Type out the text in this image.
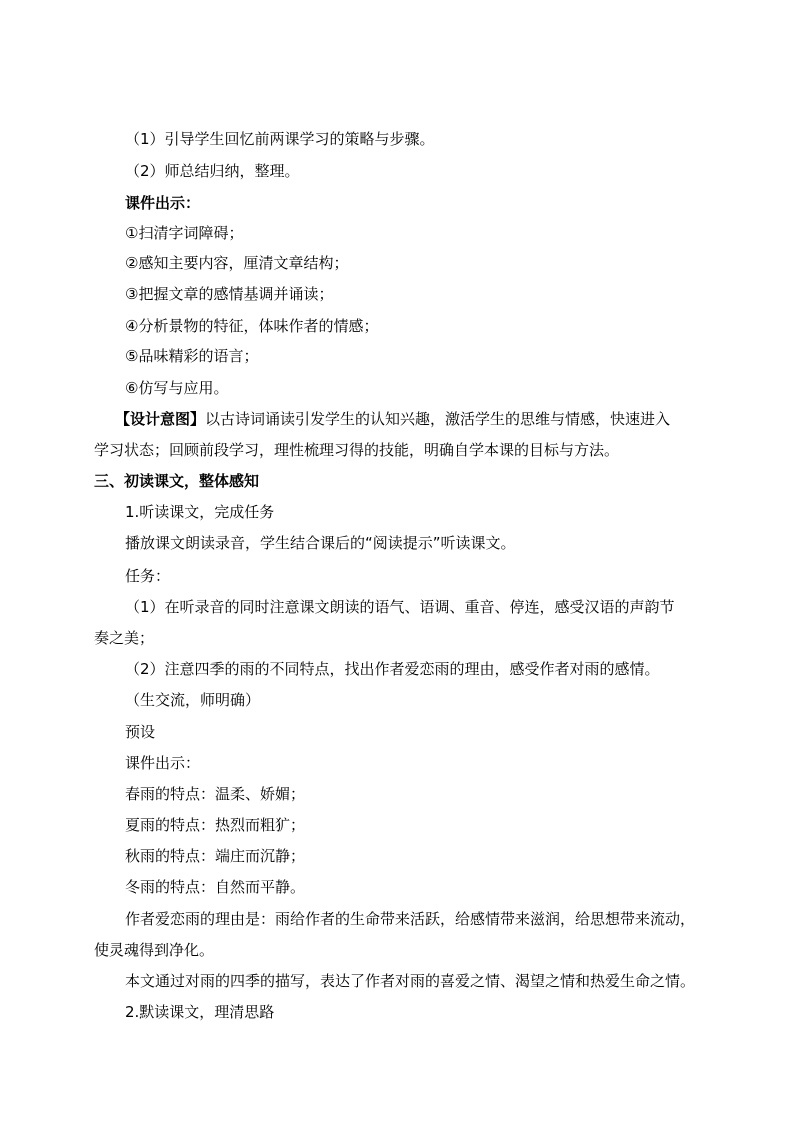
（1）引导学生回忆前两课学习的策略与步骤。
（2）师总结归纳，整理。
课件出示：
①扫清字词障碍；
②感知主要内容，厘清文章结构；
③把握文章的感情基调并诵读；
④分析景物的特征，体味作者的情感；
⑤品味精彩的语言；
⑥仿写与应用。
【设计意图】以古诗词诵读引发学生的认知兴趣，激活学生的思维与情感，快速进入
学习状态；回顾前段学习，理性梳理习得的技能，明确自学本课的目标与方法。
三、初读课文，整体感知
1.听读课文，完成任务
播放课文朗读录音，学生结合课后的“阅读提示”听读课文。
任务：
（1）在听录音的同时注意课文朗读的语气、语调、重音、停连，感受汉语的声韵节
奏之美；
（2）注意四季的雨的不同特点，找出作者爱恋雨的理由，感受作者对雨的感情。
（生交流，师明确）
预设
课件出示：
春雨的特点：温柔、娇媚；
夏雨的特点：热烈而粗犷；
秋雨的特点：端庄而沉静；
冬雨的特点：自然而平静。
作者爱恋雨的理由是：雨给作者的生命带来活跃，给感情带来滋润，给思想带来流动，
使灵魂得到净化。
本文通过对雨的四季的描写，表达了作者对雨的喜爱之情、渴望之情和热爱生命之情。
2.默读课文，理清思路
